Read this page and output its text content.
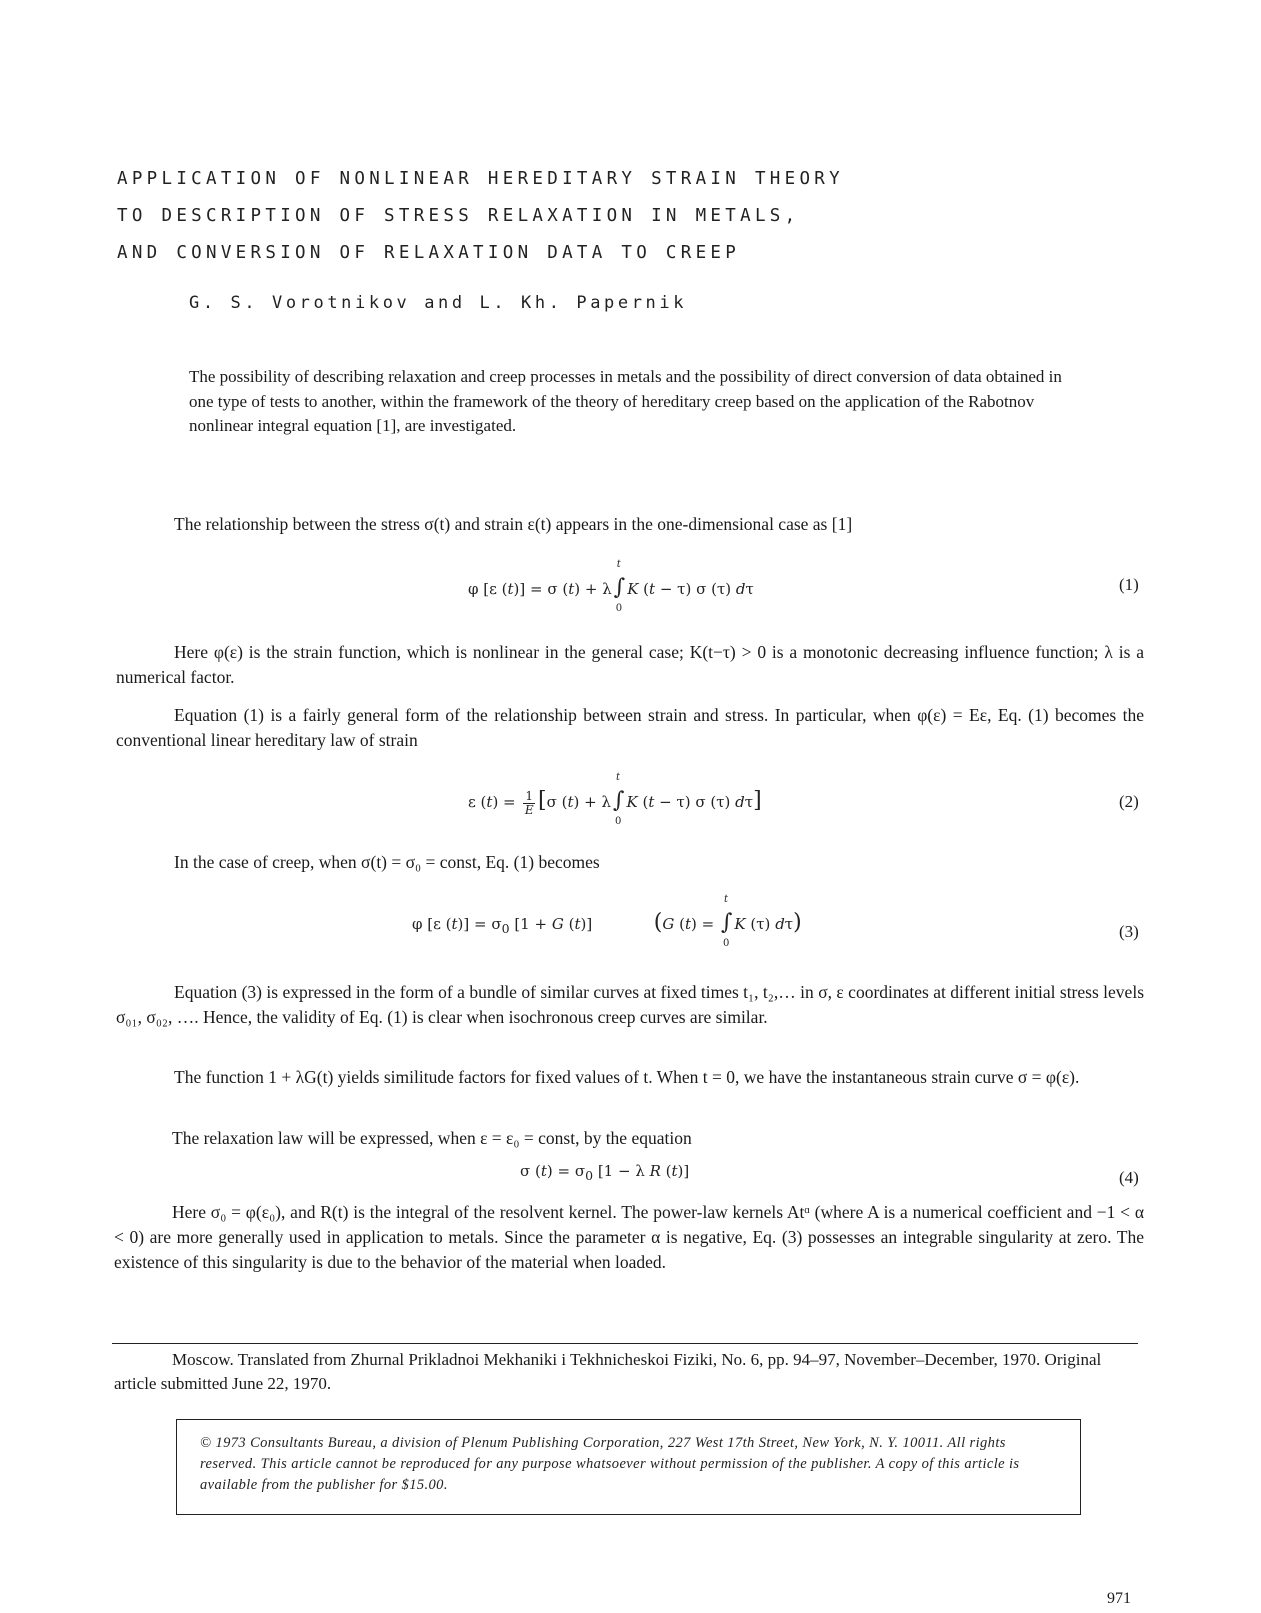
APPLICATION OF NONLINEAR HEREDITARY STRAIN THEORY
TO DESCRIPTION OF STRESS RELAXATION IN METALS,
AND CONVERSION OF RELAXATION DATA TO CREEP
G. S. Vorotnikov and L. Kh. Papernik
The possibility of describing relaxation and creep processes in metals and the possibility of direct conversion of data obtained in one type of tests to another, within the framework of the theory of hereditary creep based on the application of the Rabotnov nonlinear integral equation [1], are investigated.
The relationship between the stress σ(t) and strain ε(t) appears in the one-dimensional case as [1]
φ [ε (t)] = σ (t) + λ∫
t
0
K (t − τ) σ (τ) dτ	(1)
Here φ(ε) is the strain function, which is nonlinear in the general case; K(t−τ) > 0 is a monotonic decreasing influence function; λ is a numerical factor.
Equation (1) is a fairly general form of the relationship between strain and stress. In particular, when φ(ε) = Eε, Eq. (1) becomes the conventional linear hereditary law of strain
ε $(t) = \frac{1}{E} [\sigma$ (t) + λ∫
t
0
K (t − τ) σ (τ) dτ]	(2)
In the case of creep, when σ(t) = σ₀ = const, Eq. (1) becomes
φ [ε $(t)] = \sigma_0$ [1 + G (t)]	(G (t) = ∫
t
0
K (τ) dτ)	(3)
Equation (3) is expressed in the form of a bundle of similar curves at fixed times t₁, t₂,… in σ, ε coordinates at different initial stress levels σ₀₁, σ₀₂, …. Hence, the validity of Eq. (1) is clear when isochronous creep curves are similar.
The function 1 + λG(t) yields similitude factors for fixed values of t. When t = 0, we have the instantaneous strain curve σ = φ(ε).
The relaxation law will be expressed, when ε = ε₀ = const, by the equation
σ $(t) = \sigma_0$ [1 − λ R (t)]	(4)
Here σ₀ = φ(ε₀), and R(t) is the integral of the resolvent kernel. The power-law kernels Atᵅ (where A is a numerical coefficient and −1 < α < 0) are more generally used in application to metals. Since the parameter α is negative, Eq. (3) possesses an integrable singularity at zero. The existence of this singularity is due to the behavior of the material when loaded.
Moscow. Translated from Zhurnal Prikladnoi Mekhaniki i Tekhnicheskoi Fiziki, No. 6, pp. 94–97, November–December, 1970. Original article submitted June 22, 1970.
© 1973 Consultants Bureau, a division of Plenum Publishing Corporation, 227 West 17th Street, New York, N. Y. 10011. All rights reserved. This article cannot be reproduced for any purpose whatsoever without permission of the publisher. A copy of this article is available from the publisher for $15.00.
971
